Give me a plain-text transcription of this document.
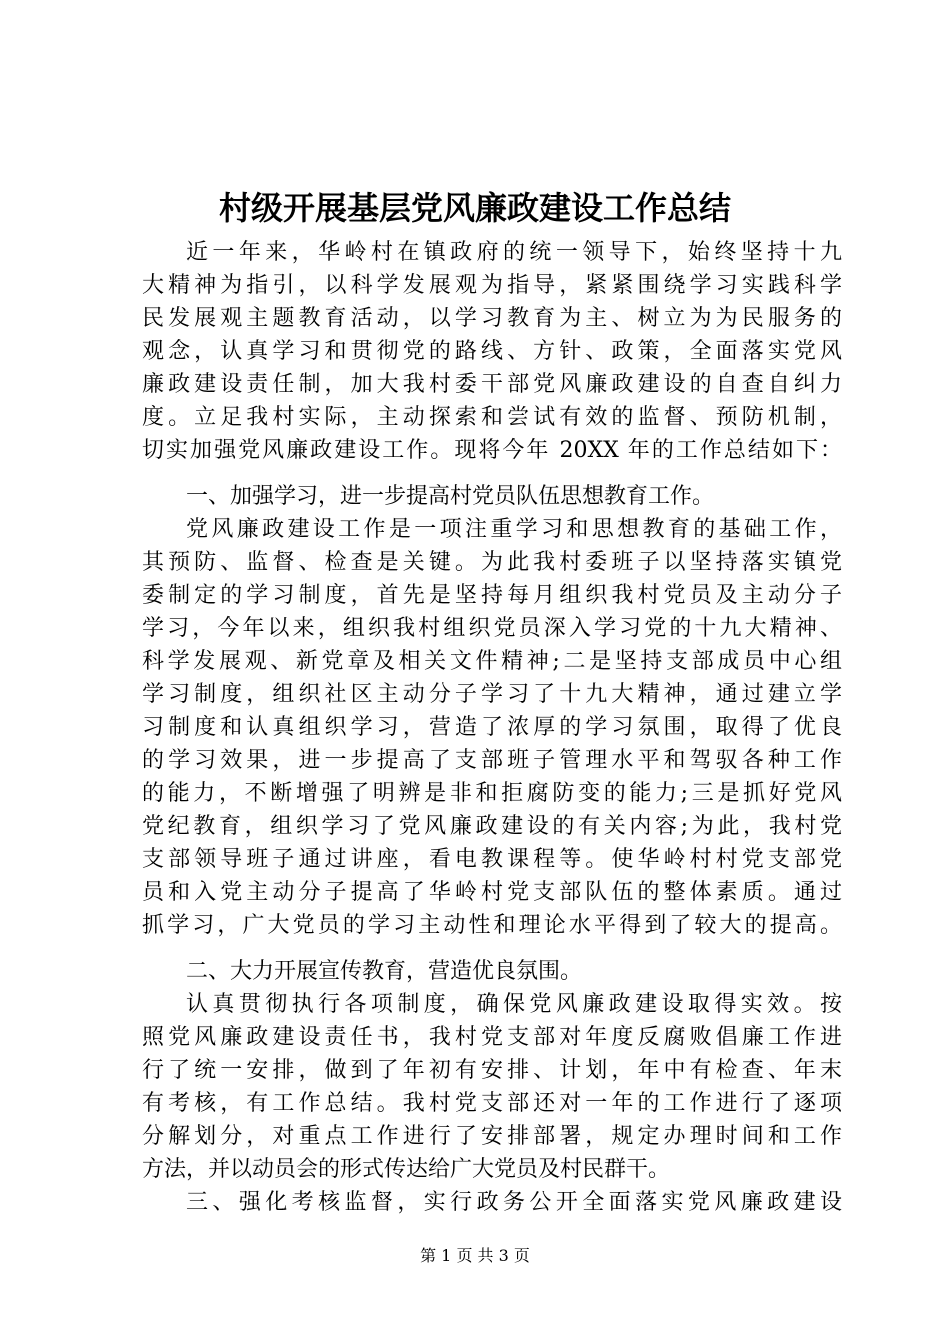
村级开展基层党风廉政建设工作总结
近一年来，华岭村在镇政府的统一领导下，始终坚持十九
大精神为指引，以科学发展观为指导，紧紧围绕学习实践科学
民发展观主题教育活动，以学习教育为主、树立为为民服务的
观念，认真学习和贯彻党的路线、方针、政策，全面落实党风
廉政建设责任制，加大我村委干部党风廉政建设的自查自纠力
度。立足我村实际，主动探索和尝试有效的监督、预防机制，
切实加强党风廉政建设工作。现将今年 20XX 年的工作总结如下：
一、加强学习，进一步提高村党员队伍思想教育工作。
党风廉政建设工作是一项注重学习和思想教育的基础工作，
其预防、监督、检查是关键。为此我村委班子以坚持落实镇党
委制定的学习制度，首先是坚持每月组织我村党员及主动分子
学习，今年以来，组织我村组织党员深入学习党的十九大精神、
科学发展观、新党章及相关文件精神;二是坚持支部成员中心组
学习制度，组织社区主动分子学习了十九大精神，通过建立学
习制度和认真组织学习，营造了浓厚的学习氛围，取得了优良
的学习效果，进一步提高了支部班子管理水平和驾驭各种工作
的能力，不断增强了明辨是非和拒腐防变的能力;三是抓好党风
党纪教育，组织学习了党风廉政建设的有关内容;为此，我村党
支部领导班子通过讲座，看电教课程等。使华岭村村党支部党
员和入党主动分子提高了华岭村党支部队伍的整体素质。通过
抓学习，广大党员的学习主动性和理论水平得到了较大的提高。
二、大力开展宣传教育，营造优良氛围。
认真贯彻执行各项制度，确保党风廉政建设取得实效。按
照党风廉政建设责任书，我村党支部对年度反腐败倡廉工作进
行了统一安排，做到了年初有安排、计划，年中有检查、年末
有考核，有工作总结。我村党支部还对一年的工作进行了逐项
分解划分，对重点工作进行了安排部署，规定办理时间和工作
方法，并以动员会的形式传达给广大党员及村民群干。
三、强化考核监督，实行政务公开全面落实党风廉政建设
第 1 页 共 3 页
